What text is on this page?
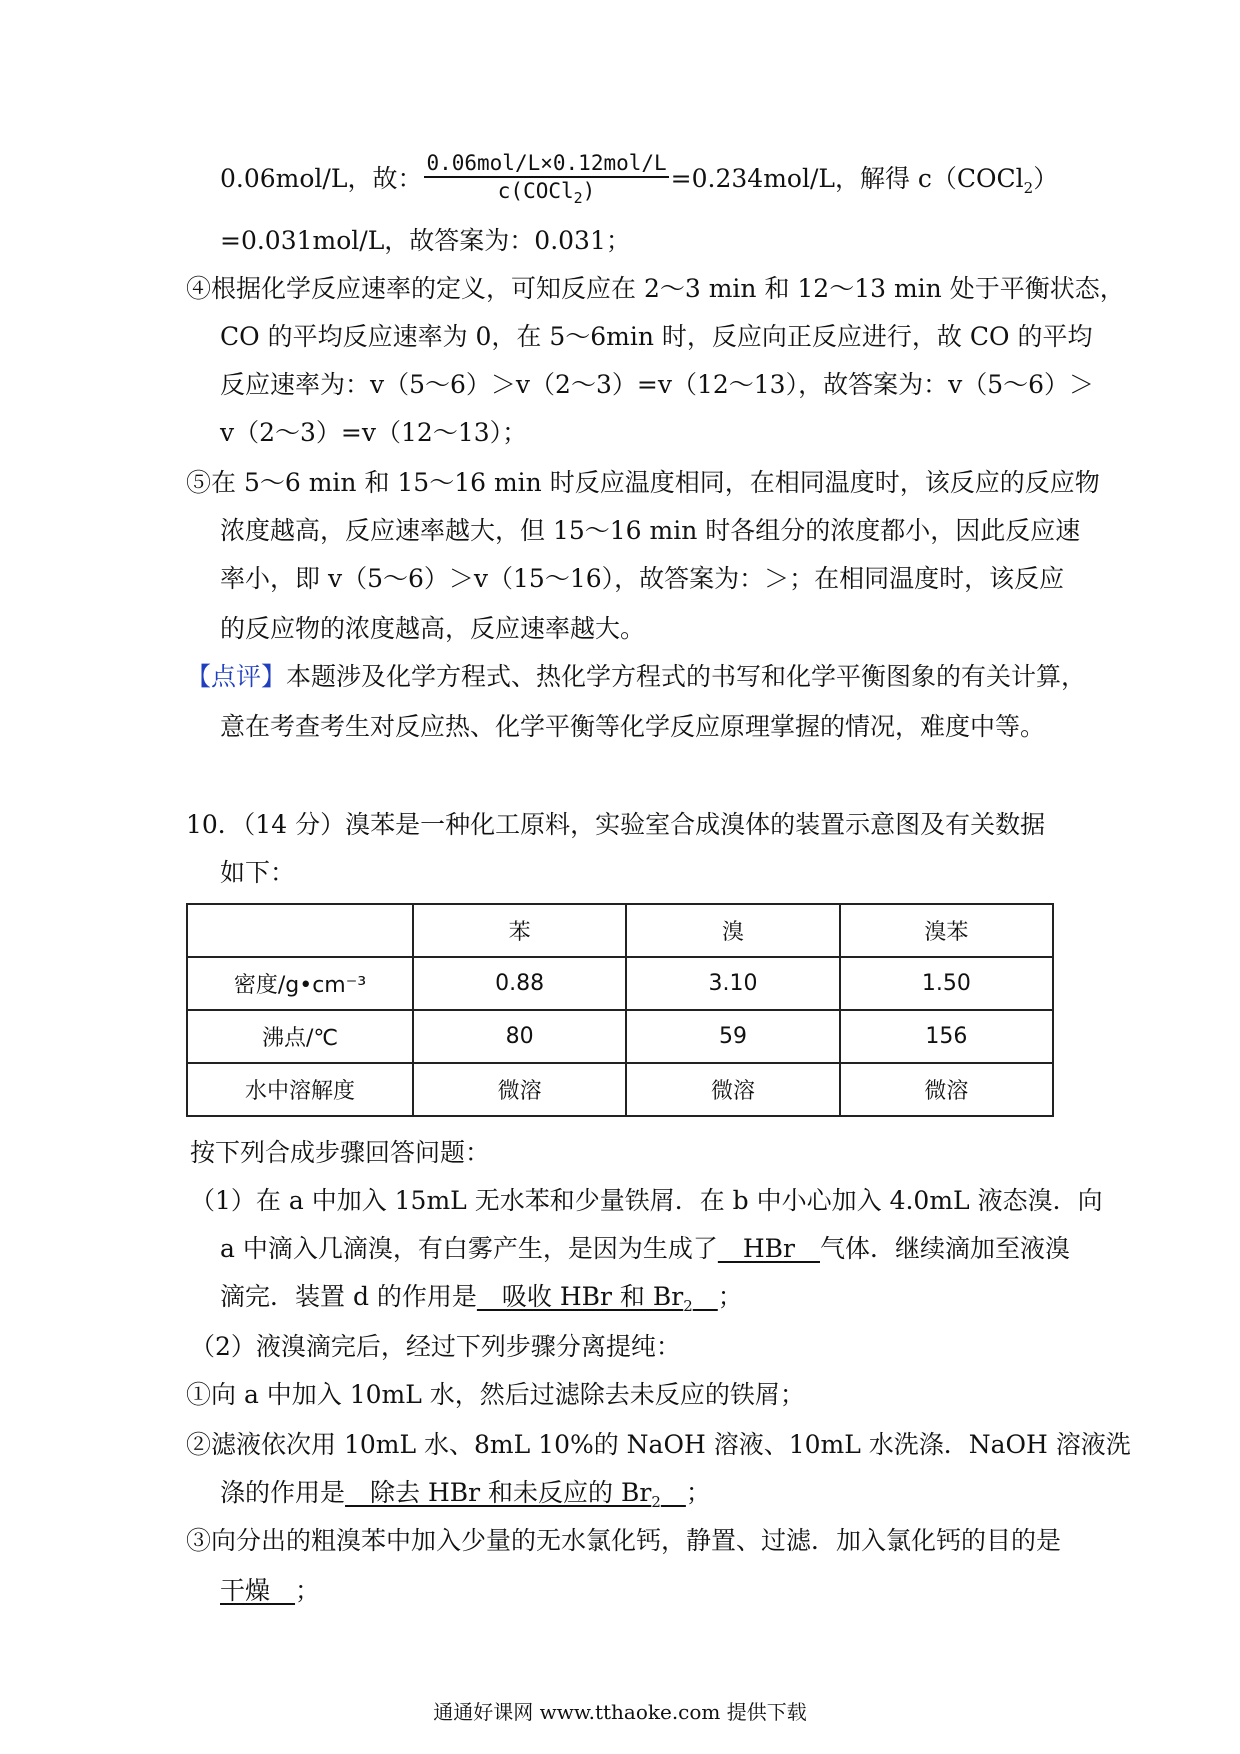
0.06mol/L，故： $\frac{\text{0.06mol/L×0.12mol/L}}{c(COCl_2)} =0.234mol/L$，解得 c（COCl$_2$）
=0.031mol/L，故答案为：0.031；
④根据化学反应速率的定义，可知反应在 2～3 min 和 12～13 min 处于平衡状态，
CO 的平均反应速率为 0，在 5～6min 时，反应向正反应进行，故 CO 的平均
反应速率为：v（5～6）＞v（2～3）=v（12～13），故答案为：v（5～6）＞
v（2～3）=v（12～13）；
⑤在 5～6 min 和 15～16 min 时反应温度相同，在相同温度时，该反应的反应物
浓度越高，反应速率越大，但 15～16 min 时各组分的浓度都小，因此反应速
率小，即 v（5～6）＞v（15～16），故答案为：＞；在相同温度时，该反应
的反应物的浓度越高，反应速率越大。
【点评】本题涉及化学方程式、热化学方程式的书写和化学平衡图象的有关计算，
意在考查考生对反应热、化学平衡等化学反应原理掌握的情况，难度中等。
10．（14 分）溴苯是一种化工原料，实验室合成溴体的装置示意图及有关数据
如下：
	苯	溴	溴苯
密度/g•cm⁻³	0.88	3.10	1.50
沸点/℃	80	59	156
水中溶解度	微溶	微溶	微溶
按下列合成步骤回答问题：
（1）在 a 中加入 15mL 无水苯和少量铁屑．在 b 中小心加入 4.0mL 液态溴．向
a 中滴入几滴溴，有白雾产生，是因为生成了　HBr　气体．继续滴加至液溴
滴完．装置 d 的作用是　吸收 HBr 和 $Br_2$　 ；
（2）液溴滴完后，经过下列步骤分离提纯：
①向 a 中加入 10mL 水，然后过滤除去未反应的铁屑；
②滤液依次用 10mL 水、8mL 10%的 NaOH 溶液、10mL 水洗涤．NaOH 溶液洗
涤的作用是　除去 HBr 和未反应的 $Br_2$　 ；
③向分出的粗溴苯中加入少量的无水氯化钙，静置、过滤．加入氯化钙的目的是
干燥　；
通通好课网 www.tthaoke.com 提供下载
